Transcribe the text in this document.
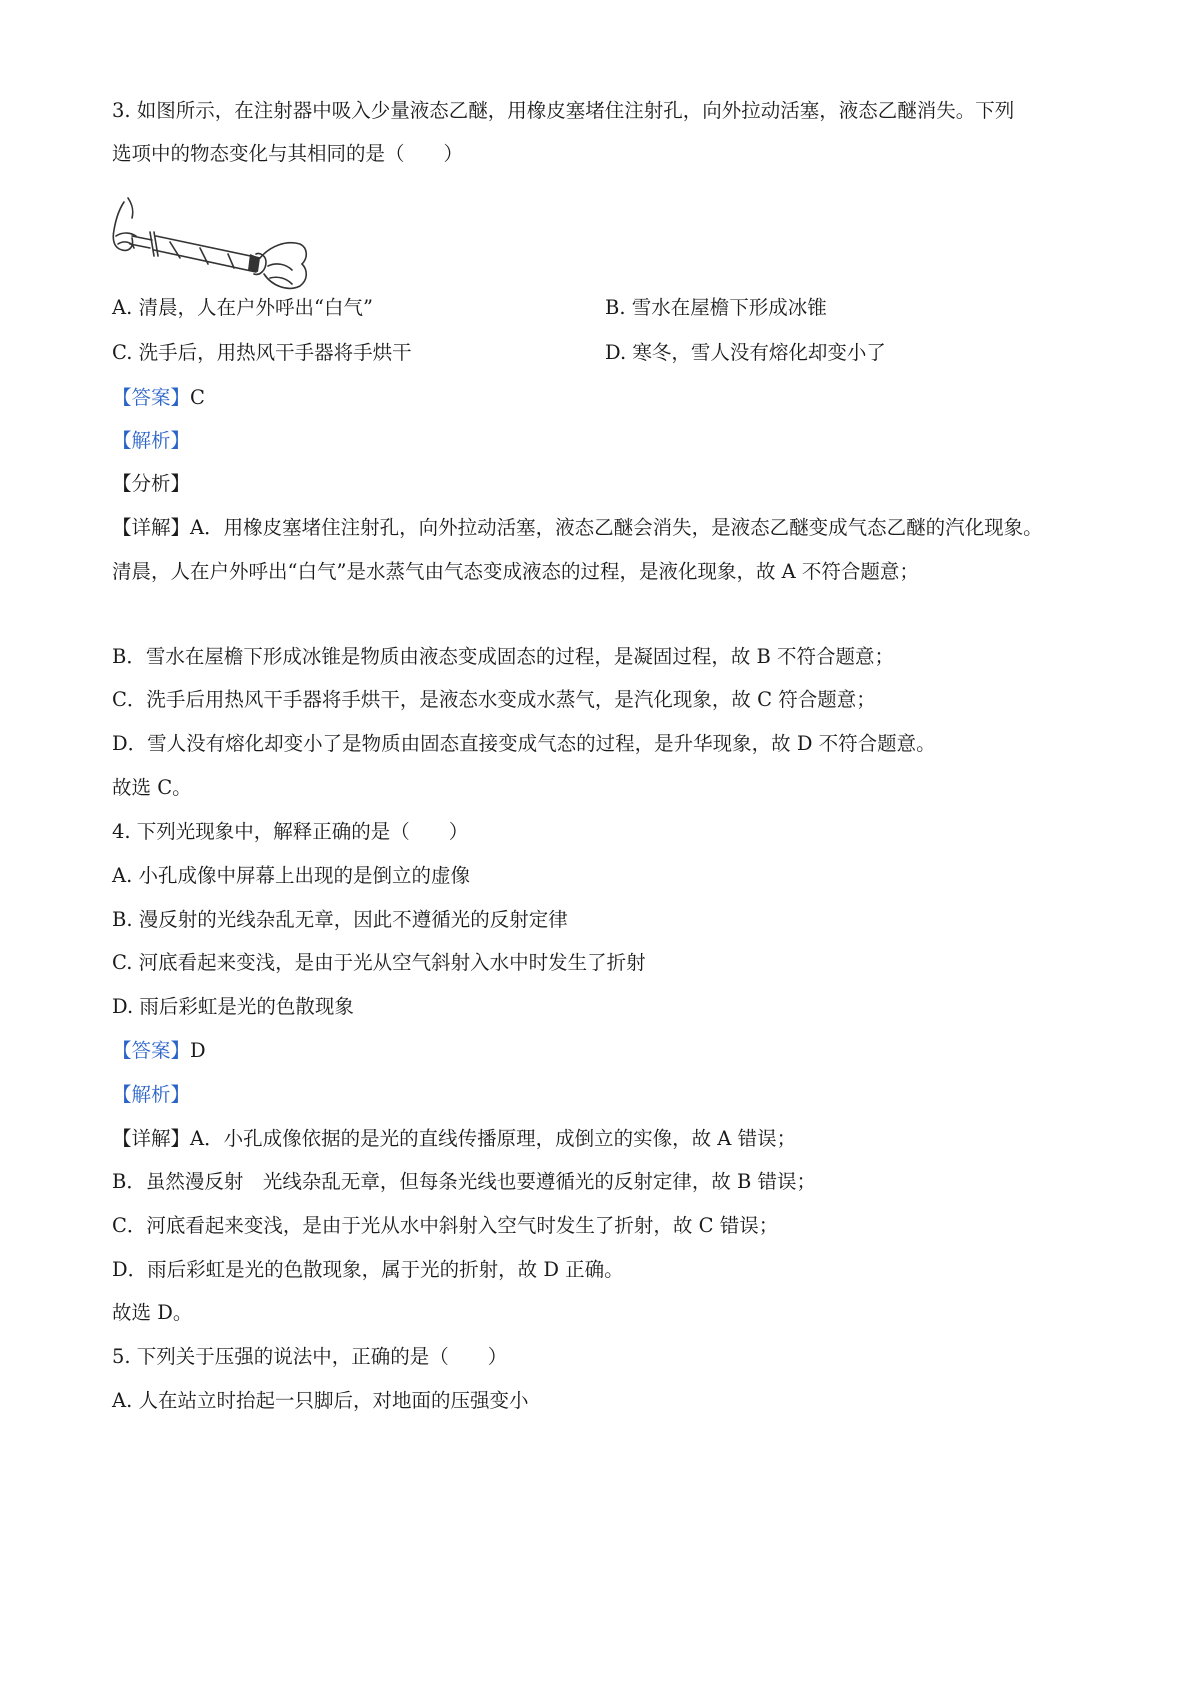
3. 如图所示，在注射器中吸入少量液态乙醚，用橡皮塞堵住注射孔，向外拉动活塞，液态乙醚消失。下列
选项中的物态变化与其相同的是（　　）
A. 清晨，人在户外呼出“白气”	B. 雪水在屋檐下形成冰锥
C. 洗手后，用热风干手器将手烘干	D. 寒冬，雪人没有熔化却变小了
【答案】C
【解析】
【分析】
【详解】A．用橡皮塞堵住注射孔，向外拉动活塞，液态乙醚会消失，是液态乙醚变成气态乙醚的汽化现象。
清晨，人在户外呼出“白气”是水蒸气由气态变成液态的过程，是液化现象，故 A 不符合题意；
B．雪水在屋檐下形成冰锥是物质由液态变成固态的过程，是凝固过程，故 B 不符合题意；
C．洗手后用热风干手器将手烘干，是液态水变成水蒸气，是汽化现象，故 C 符合题意；
D．雪人没有熔化却变小了是物质由固态直接变成气态的过程，是升华现象，故 D 不符合题意。
故选 C。
4. 下列光现象中，解释正确的是（　　）
A. 小孔成像中屏幕上出现的是倒立的虚像
B. 漫反射的光线杂乱无章，因此不遵循光的反射定律
C. 河底看起来变浅，是由于光从空气斜射入水中时发生了折射
D. 雨后彩虹是光的色散现象
【答案】D
【解析】
【详解】A．小孔成像依据的是光的直线传播原理，成倒立的实像，故 A 错误；
B．虽然漫反射　光线杂乱无章，但每条光线也要遵循光的反射定律，故 B 错误；
C．河底看起来变浅，是由于光从水中斜射入空气时发生了折射，故 C 错误；
D．雨后彩虹是光的色散现象，属于光的折射，故 D 正确。
故选 D。
5. 下列关于压强的说法中，正确的是（　　）
A. 人在站立时抬起一只脚后，对地面的压强变小
